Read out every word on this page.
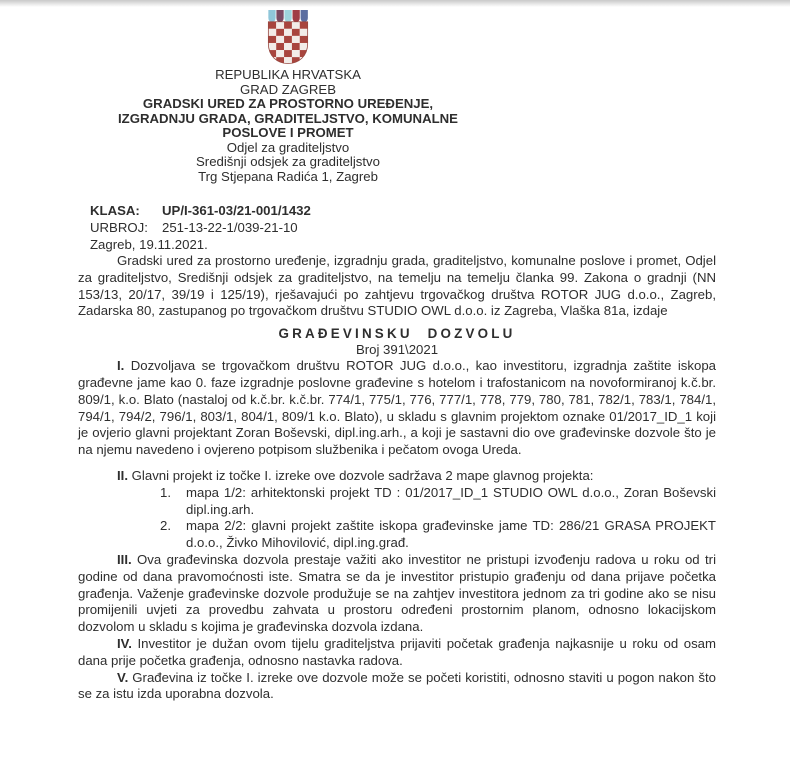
REPUBLIKA HRVATSKA
GRAD ZAGREB
GRADSKI URED ZA PROSTORNO UREĐENJE,
IZGRADNJU GRADA, GRADITELJSTVO, KOMUNALNE
POSLOVE I PROMET
Odjel za graditeljstvo
Središnji odsjek za graditeljstvo
Trg Stjepana Radića 1, Zagreb
KLASA: UP/I-361-03/21-001/1432
URBROJ: 251-13-22-1/039-21-10
Zagreb, 19.11.2021.

Gradski ured za prostorno uređenje, izgradnju grada, graditeljstvo, komunalne poslove i promet, Odjel za graditeljstvo, Središnji odsjek za graditeljstvo, na temelju na temelju članka 99. Zakona o gradnji (NN 153/13, 20/17, 39/19 i 125/19), rješavajući po zahtjevu trgovačkog društva ROTOR JUG d.o.o., Zagreb, Zadarska 80, zastupanog po trgovačkom društvu STUDIO OWL d.o.o. iz Zagreba, Vlaška 81a, izdaje

GRAĐEVINSKU DOZVOLU
Broj 391\2021

I. Dozvoljava se trgovačkom društvu ROTOR JUG d.o.o., kao investitoru, izgradnja zaštite iskopa građevne jame kao 0. faze izgradnje poslovne građevine s hotelom i trafostanicom na novoformiranoj k.č.br. 809/1, k.o. Blato (nastaloj od k.č.br. k.č.br. 774/1, 775/1, 776, 777/1, 778, 779, 780, 781, 782/1, 783/1, 784/1, 794/1, 794/2, 796/1, 803/1, 804/1, 809/1 k.o. Blato), u skladu s glavnim projektom oznake 01/2017_ID_1 koji je ovjerio glavni projektant Zoran Boševski, dipl.ing.arh., a koji je sastavni dio ove građevinske dozvole što je na njemu navedeno i ovjereno potpisom službenika i pečatom ovoga Ureda.

II. Glavni projekt iz točke I. izreke ove dozvole sadržava 2 mape glavnog projekta:

1.	mapa 1/2: arhitektonski projekt TD : 01/2017_ID_1 STUDIO OWL d.o.o., Zoran Boševski dipl.ing.arh.
2.	mapa 2/2: glavni projekt zaštite iskopa građevinske jame TD: 286/21 GRASA PROJEKT d.o.o., Živko Mihovilović, dipl.ing.građ.

III. Ova građevinska dozvola prestaje važiti ako investitor ne pristupi izvođenju radova u roku od tri godine od dana pravomoćnosti iste. Smatra se da je investitor pristupio građenju od dana prijave početka građenja. Važenje građevinske dozvole produžuje se na zahtjev investitora jednom za tri godine ako se nisu promijenili uvjeti za provedbu zahvata u prostoru određeni prostornim planom, odnosno lokacijskom dozvolom u skladu s kojima je građevinska dozvola izdana.

IV. Investitor je dužan ovom tijelu graditeljstva prijaviti početak građenja najkasnije u roku od osam dana prije početka građenja, odnosno nastavka radova.

V. Građevina iz točke I. izreke ove dozvole može se početi koristiti, odnosno staviti u pogon nakon što se za istu izda uporabna dozvola.
